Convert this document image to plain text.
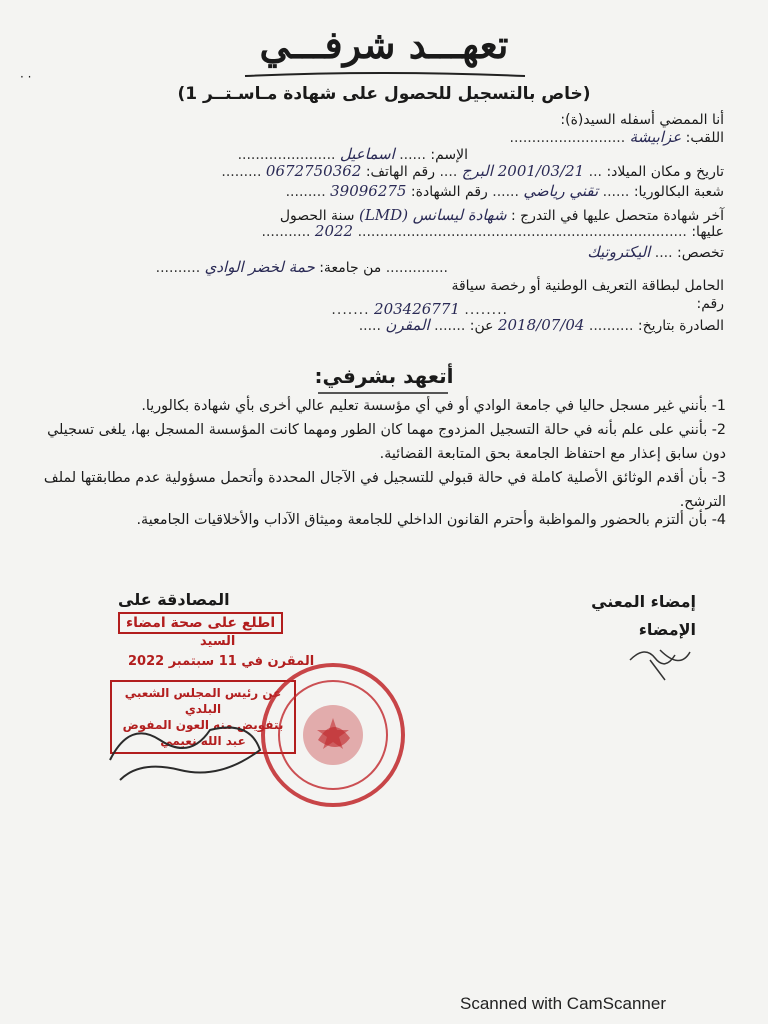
تعهـــد شرفـــي
(خاص بالتسجيل للحصول على شهادة مـاسـتــر 1)
أنا الممضي أسفله السيد(ة):
اللقب: عزابيشة ..........................
الإسم: ...... اسماعيل ......................
تاريخ و مكان الميلاد: ... 2001/03/21 البرج .... رقم الهاتف: 0672750362 .........
شعبة البكالوريا: ...... تقني رياضي ...... رقم الشهادة: 39096275 .........
آخر شهادة متحصل عليها في التدرج : شهادة ليسانس (LMD) سنة الحصول
عليها: .......................................................................... 2022 ...........
تخصص: .... اليكتروتيك
.............. من جامعة: حمة لخضر الوادي ..........
الحامل لبطاقة التعريف الوطنية أو رخصة سياقة
رقم:
........ 203426771 .......
الصادرة بتاريخ: .......... 2018/07/04 عن: ....... المقرن .....
أتعهد بشرفي:
1- بأنني غير مسجل حاليا في جامعة الوادي أو في أي مؤسسة تعليم عالي أخرى بأي شهادة بكالوريا.
2- بأنني على علم بأنه في حالة التسجيل المزدوج مهما كان الطور ومهما كانت المؤسسة المسجل بها، يلغى تسجيلي دون سابق إعذار مع احتفاظ الجامعة بحق المتابعة القضائية.
3- بأن أقدم الوثائق الأصلية كاملة في حالة قبولي للتسجيل في الآجال المحددة وأتحمل مسؤولية عدم مطابقتها لملف الترشح.
4- بأن ألتزم بالحضور والمواظبة وأحترم القانون الداخلي للجامعة وميثاق الآداب والأخلاقيات الجامعية.
إمضاء المعني
الإمضاء
المصادقة على
اطلع على صحة امضاء
السيد
المقرن في 11 سبتمبر 2022
عن رئيس المجلس الشعبي البلدي
بتفويض منه العون المفوض
عبد الله نعيمي
· ·
Scanned with CamScanner
